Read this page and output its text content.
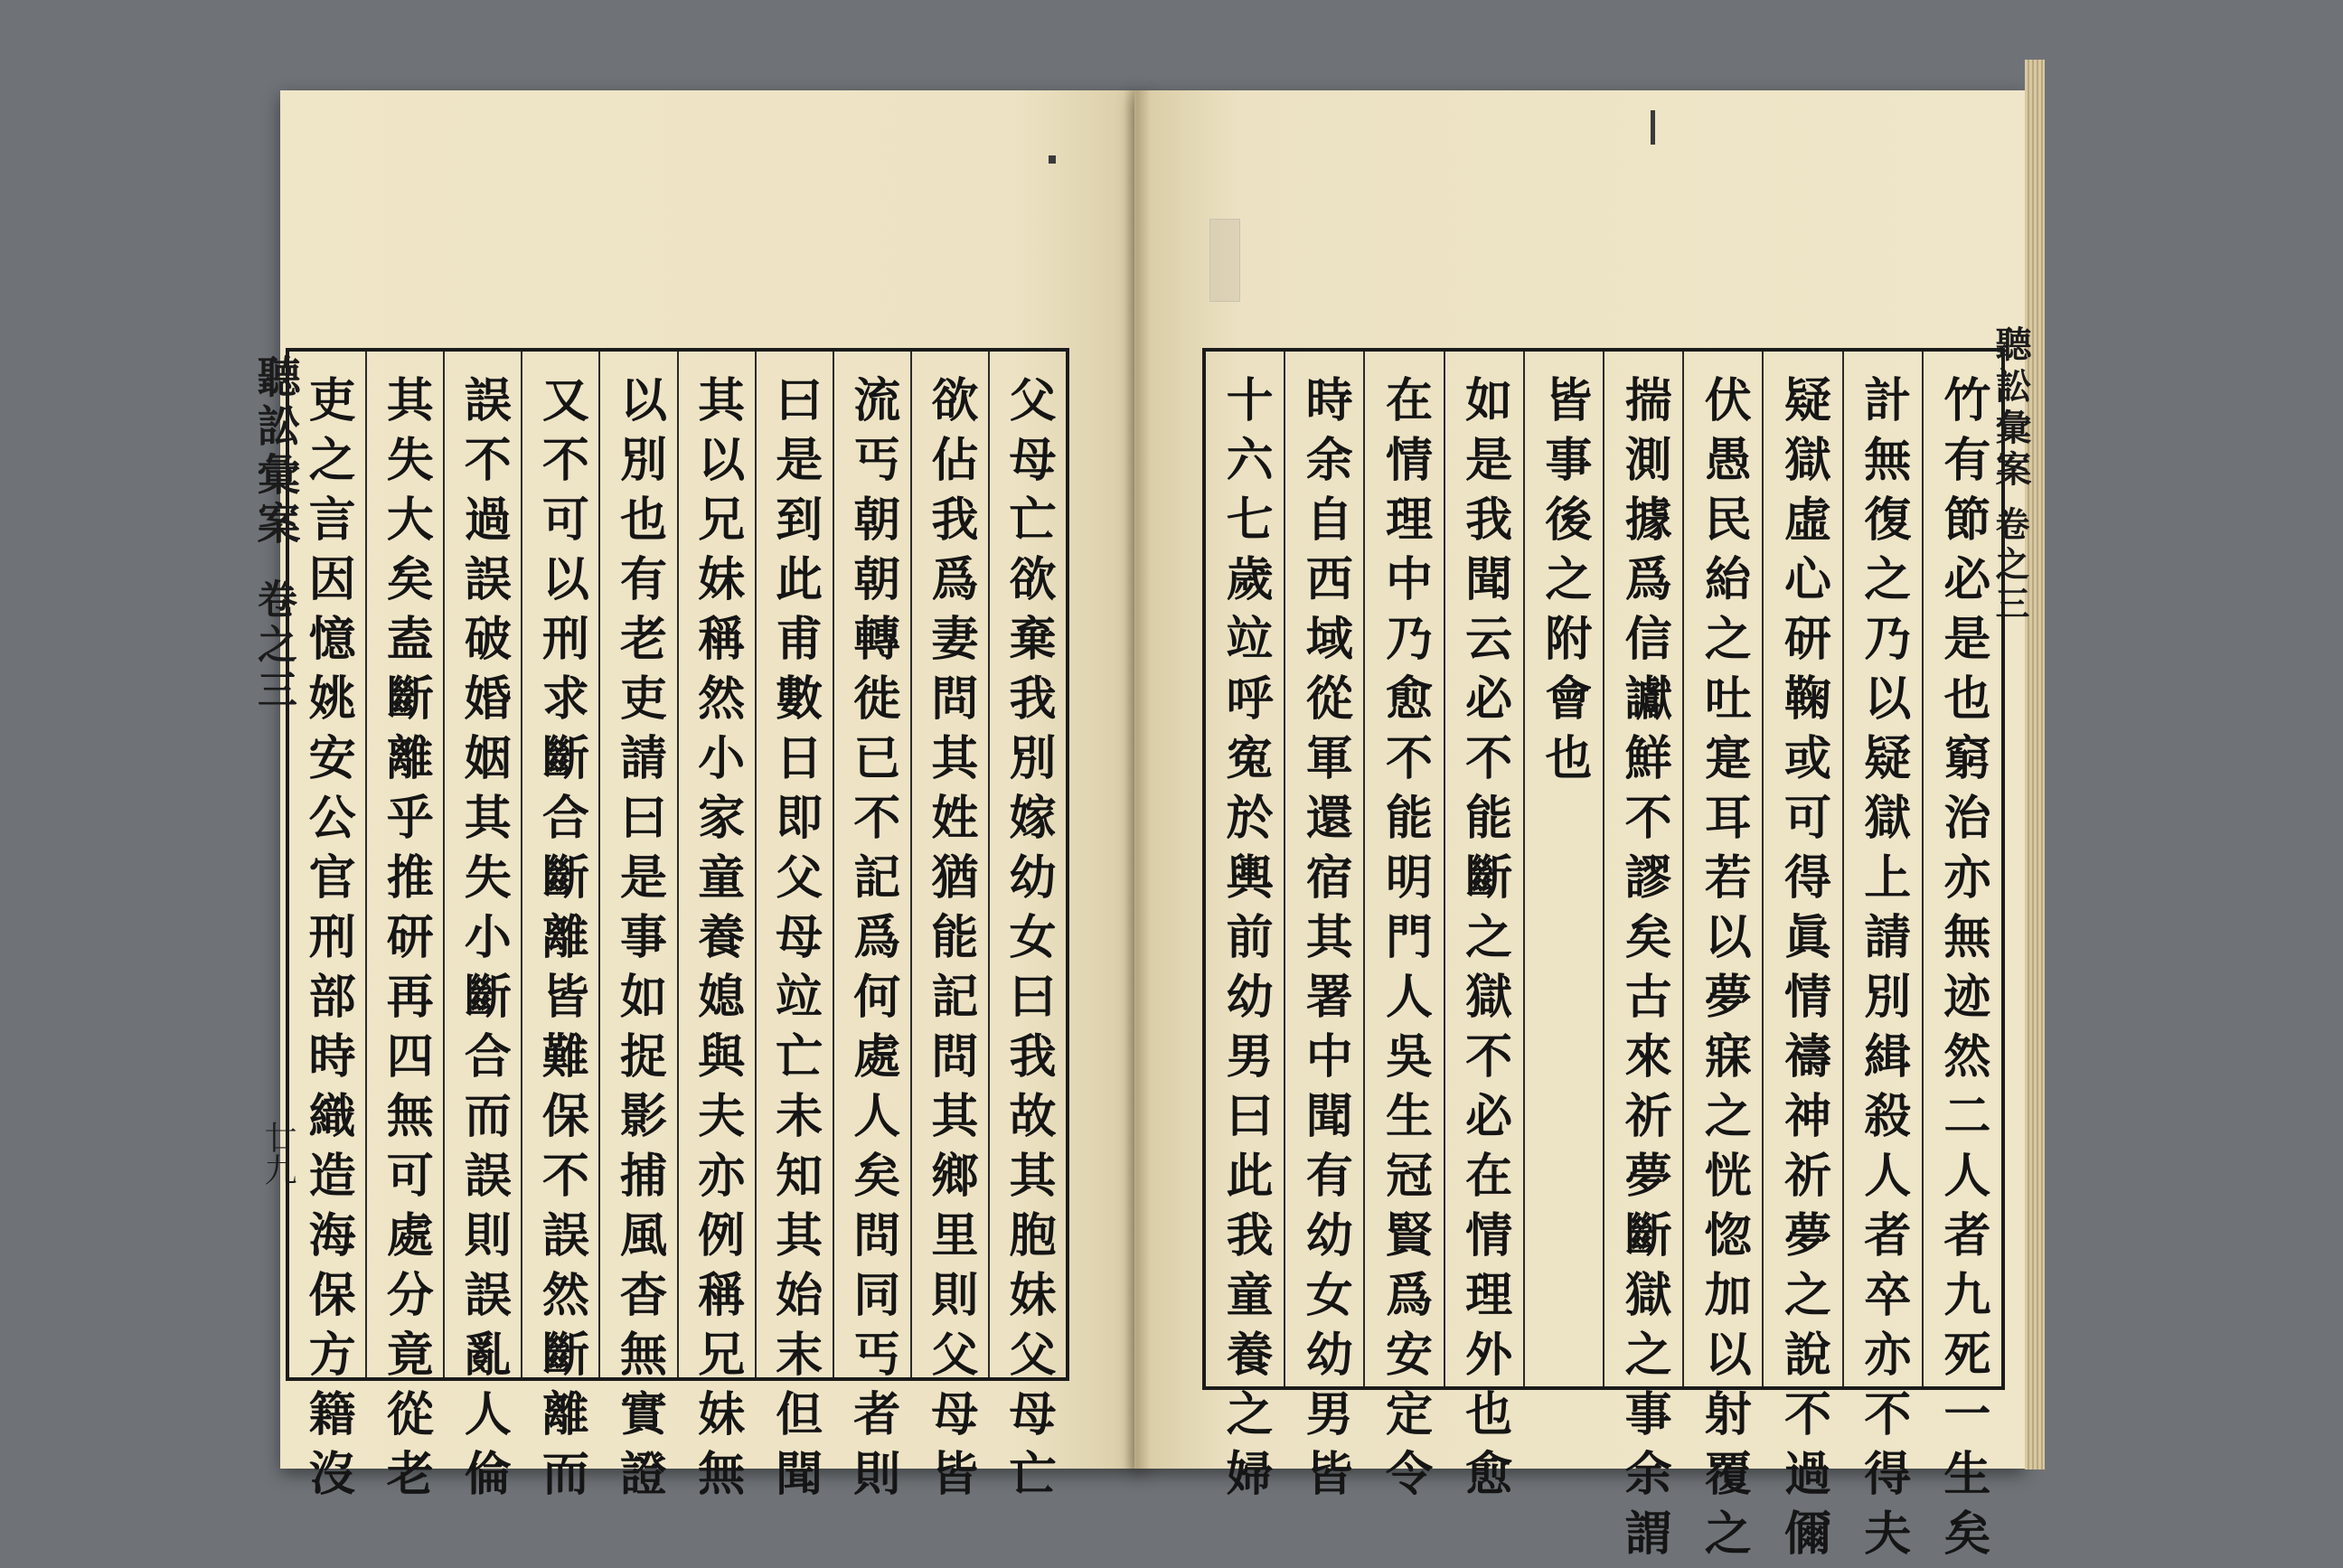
聽訟彙案
卷之三
廿九	父母亡欲棄我別嫁幼女曰我故其胞妹父母亡
欲佔我爲妻問其姓猶能記問其鄉里則父母皆
流丐朝朝轉徙已不記爲何處人矣問同丐者則
曰是到此甫數日即父母竝亡未知其始末但聞
其以兄妹稱然小家童養媳與夫亦例稱兄妹無
以別也有老吏請曰是事如捉影捕風杳無實證
又不可以刑求斷合斷離皆難保不誤然斷離而
誤不過誤破婚姻其失小斷合而誤則誤亂人倫
其失大矣盍斷離乎推研再四無可處分竟從老
吏之言因憶姚安公官刑部時織造海保方籍沒	聽訟彙案
卷之三
竹有節必是也窮治亦無迹然二人者九死一生矣
計無復之乃以疑獄上請別緝殺人者卒亦不得夫
疑獄虛心研鞠或可得眞情禱神祈夢之說不過儞
伏愚民紿之吐寔耳若以夢寐之恍惚加以射覆之
揣測據爲信讞鮮不謬矣古來祈夢斷獄之事余謂
皆事後之附會也
如是我聞云必不能斷之獄不必在情理外也愈
在情理中乃愈不能明門人吳生冠賢爲安定令
時余自西域從軍還宿其署中聞有幼女幼男皆
十六七歲竝呼寃於輿前幼男曰此我童養之婦
